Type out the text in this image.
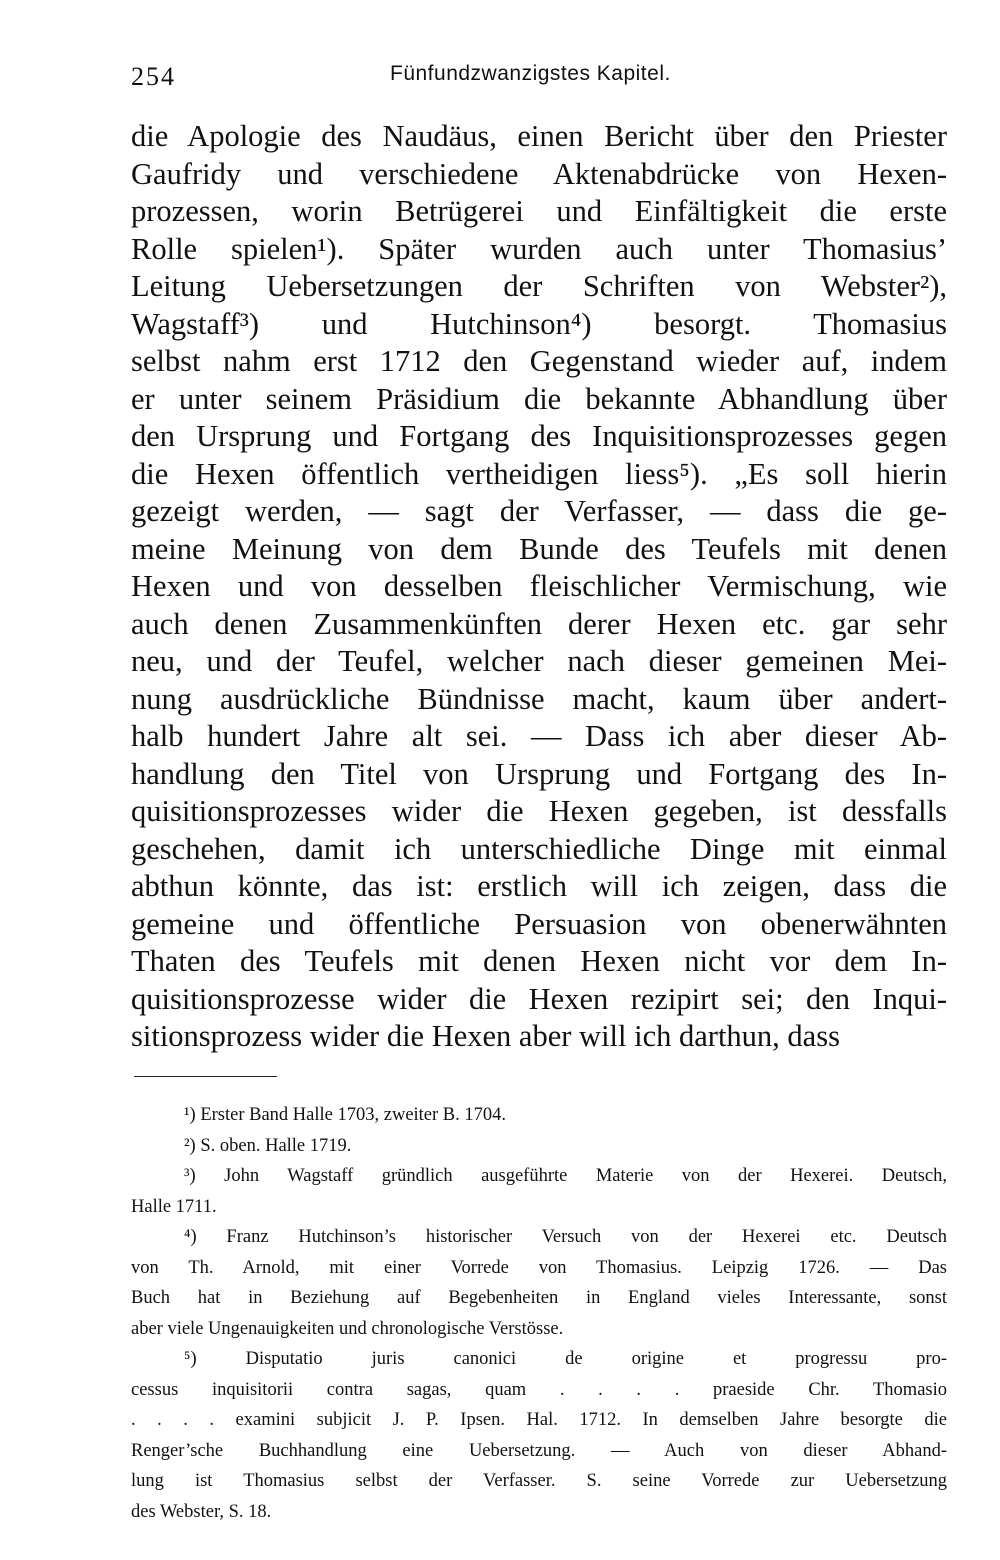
254	Fünfundzwanzigstes Kapitel.
die Apologie des Naudäus, einen Bericht über den Priester
Gaufridy und verschiedene Aktenabdrücke von Hexen-
prozessen, worin Betrügerei und Einfältigkeit die erste
Rolle spielen¹). Später wurden auch unter Thomasius’
Leitung Uebersetzungen der Schriften von Webster²),
Wagstaff³) und Hutchinson⁴) besorgt. Thomasius
selbst nahm erst 1712 den Gegenstand wieder auf, indem
er unter seinem Präsidium die bekannte Abhandlung über
den Ursprung und Fortgang des Inquisitionsprozesses gegen
die Hexen öffentlich vertheidigen liess⁵). „Es soll hierin
gezeigt werden, — sagt der Verfasser, — dass die ge-
meine Meinung von dem Bunde des Teufels mit denen
Hexen und von desselben fleischlicher Vermischung, wie
auch denen Zusammenkünften derer Hexen etc. gar sehr
neu, und der Teufel, welcher nach dieser gemeinen Mei-
nung ausdrückliche Bündnisse macht, kaum über andert-
halb hundert Jahre alt sei. — Dass ich aber dieser Ab-
handlung den Titel von Ursprung und Fortgang des In-
quisitionsprozesses wider die Hexen gegeben, ist dessfalls
geschehen, damit ich unterschiedliche Dinge mit einmal
abthun könnte, das ist: erstlich will ich zeigen, dass die
gemeine und öffentliche Persuasion von obenerwähnten
Thaten des Teufels mit denen Hexen nicht vor dem In-
quisitionsprozesse wider die Hexen rezipirt sei; den Inqui-
sitionsprozess wider die Hexen aber will ich darthun, dass
¹) Erster Band Halle 1703, zweiter B. 1704.
²) S. oben. Halle 1719.
³) John Wagstaff gründlich ausgeführte Materie von der Hexerei. Deutsch,
Halle 1711.
⁴) Franz Hutchinson’s historischer Versuch von der Hexerei etc. Deutsch
von Th. Arnold, mit einer Vorrede von Thomasius. Leipzig 1726. — Das
Buch hat in Beziehung auf Begebenheiten in England vieles Interessante, sonst
aber viele Ungenauigkeiten und chronologische Verstösse.
⁵) Disputatio juris canonici de origine et progressu pro-
cessus inquisitorii contra sagas, quam . . . . praeside Chr. Thomasio
. . . . examini subjicit J. P. Ipsen. Hal. 1712. In demselben Jahre besorgte die
Renger’sche Buchhandlung eine Uebersetzung. — Auch von dieser Abhand-
lung ist Thomasius selbst der Verfasser. S. seine Vorrede zur Uebersetzung
des Webster, S. 18.
